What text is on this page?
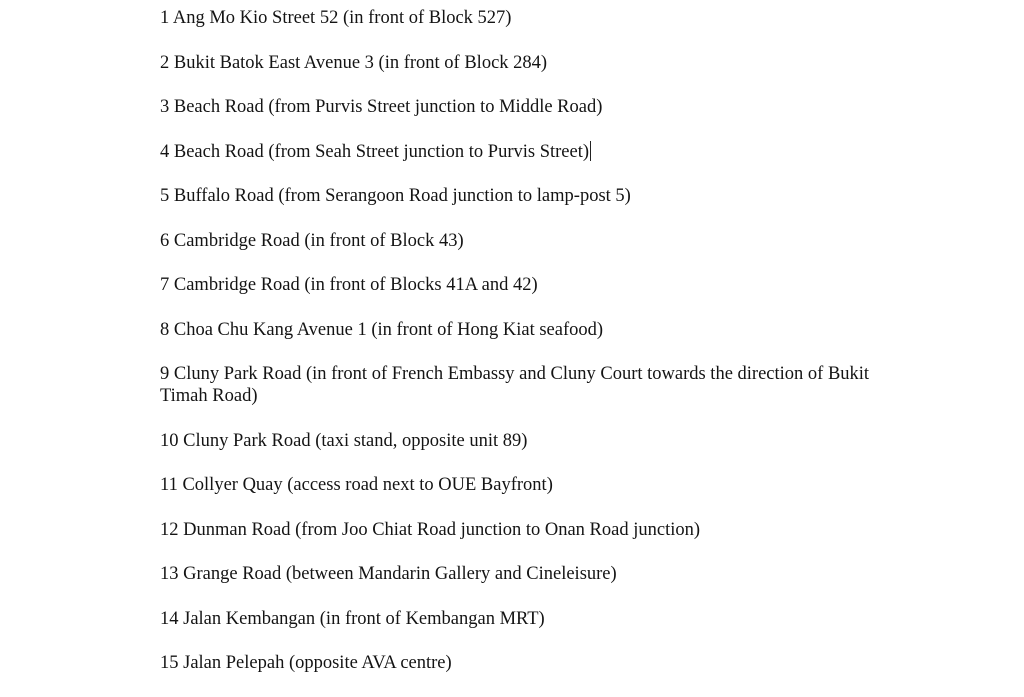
1 Ang Mo Kio Street 52 (in front of Block 527)
2 Bukit Batok East Avenue 3 (in front of Block 284)
3 Beach Road (from Purvis Street junction to Middle Road)
4 Beach Road (from Seah Street junction to Purvis Street)
5 Buffalo Road (from Serangoon Road junction to lamp-post 5)
6 Cambridge Road (in front of Block 43)
7 Cambridge Road (in front of Blocks 41A and 42)
8 Choa Chu Kang Avenue 1 (in front of Hong Kiat seafood)
9 Cluny Park Road (in front of French Embassy and Cluny Court towards the direction of Bukit Timah Road)
10 Cluny Park Road (taxi stand, opposite unit 89)
11 Collyer Quay (access road next to OUE Bayfront)
12 Dunman Road (from Joo Chiat Road junction to Onan Road junction)
13 Grange Road (between Mandarin Gallery and Cineleisure)
14 Jalan Kembangan (in front of Kembangan MRT)
15 Jalan Pelepah (opposite AVA centre)
